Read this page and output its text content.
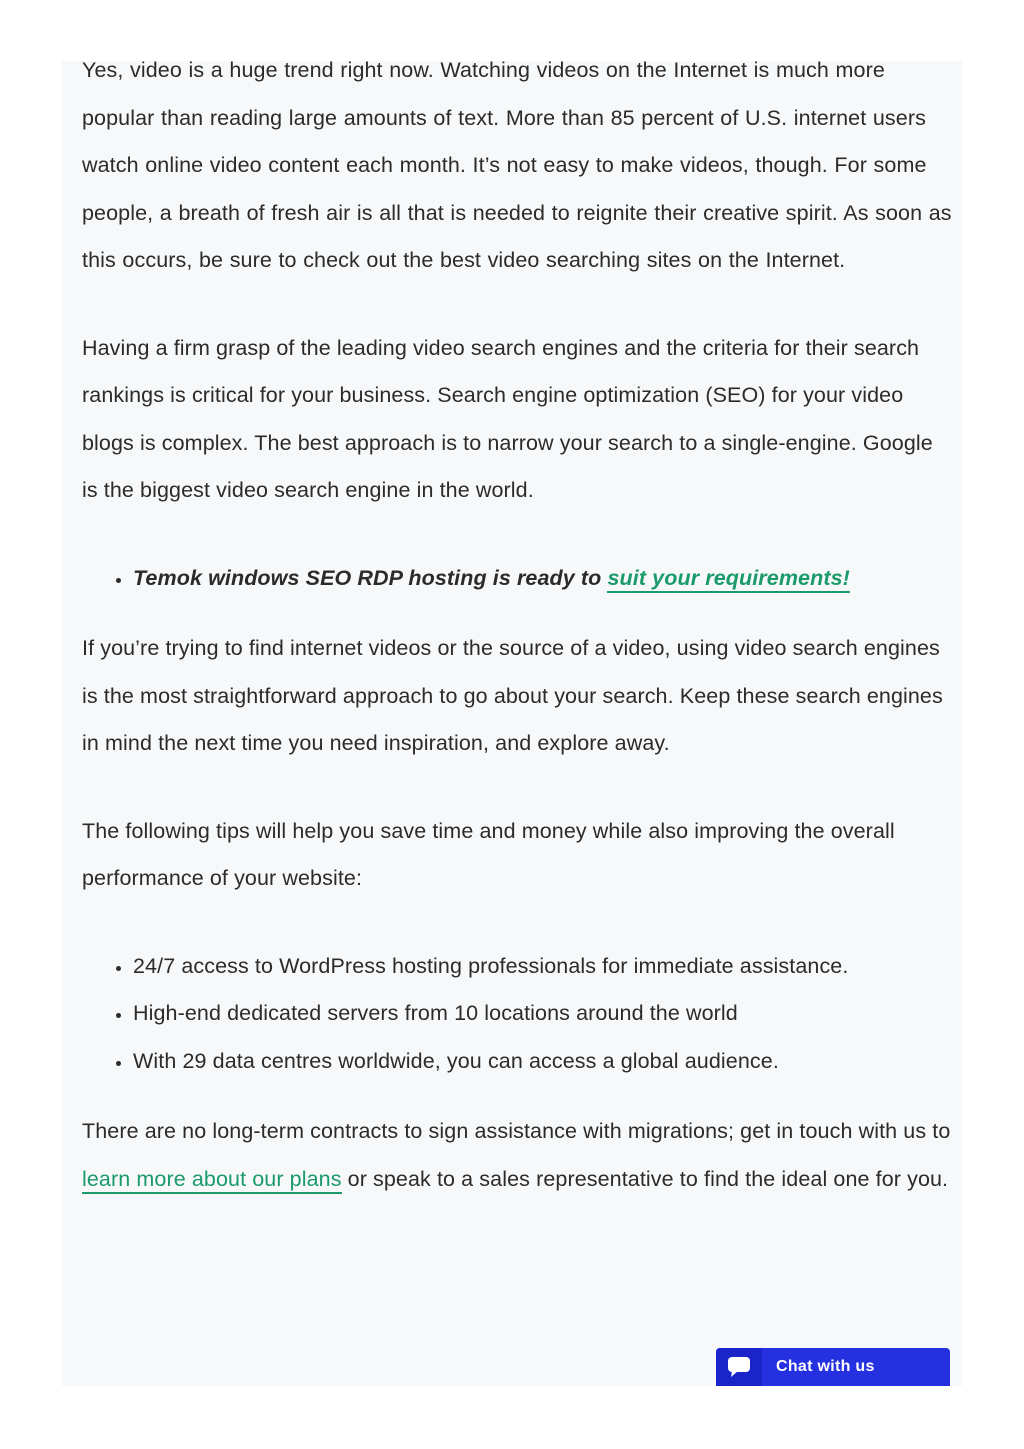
Yes, video is a huge trend right now. Watching videos on the Internet is much more popular than reading large amounts of text. More than 85 percent of U.S. internet users watch online video content each month. It’s not easy to make videos, though. For some people, a breath of fresh air is all that is needed to reignite their creative spirit. As soon as this occurs, be sure to check out the best video searching sites on the Internet.

Having a firm grasp of the leading video search engines and the criteria for their search rankings is critical for your business. Search engine optimization (SEO) for your video blogs is complex. The best approach is to narrow your search to a single-engine. Google is the biggest video search engine in the world.

• Temok windows SEO RDP hosting is ready to suit your requirements!

If you’re trying to find internet videos or the source of a video, using video search engines is the most straightforward approach to go about your search. Keep these search engines in mind the next time you need inspiration, and explore away.

The following tips will help you save time and money while also improving the overall performance of your website:

• 24/7 access to WordPress hosting professionals for immediate assistance.
• High-end dedicated servers from 10 locations around the world
• With 29 data centres worldwide, you can access a global audience.

There are no long-term contracts to sign assistance with migrations; get in touch with us to learn more about our plans or speak to a sales representative to find the ideal one for you.

Chat with us
